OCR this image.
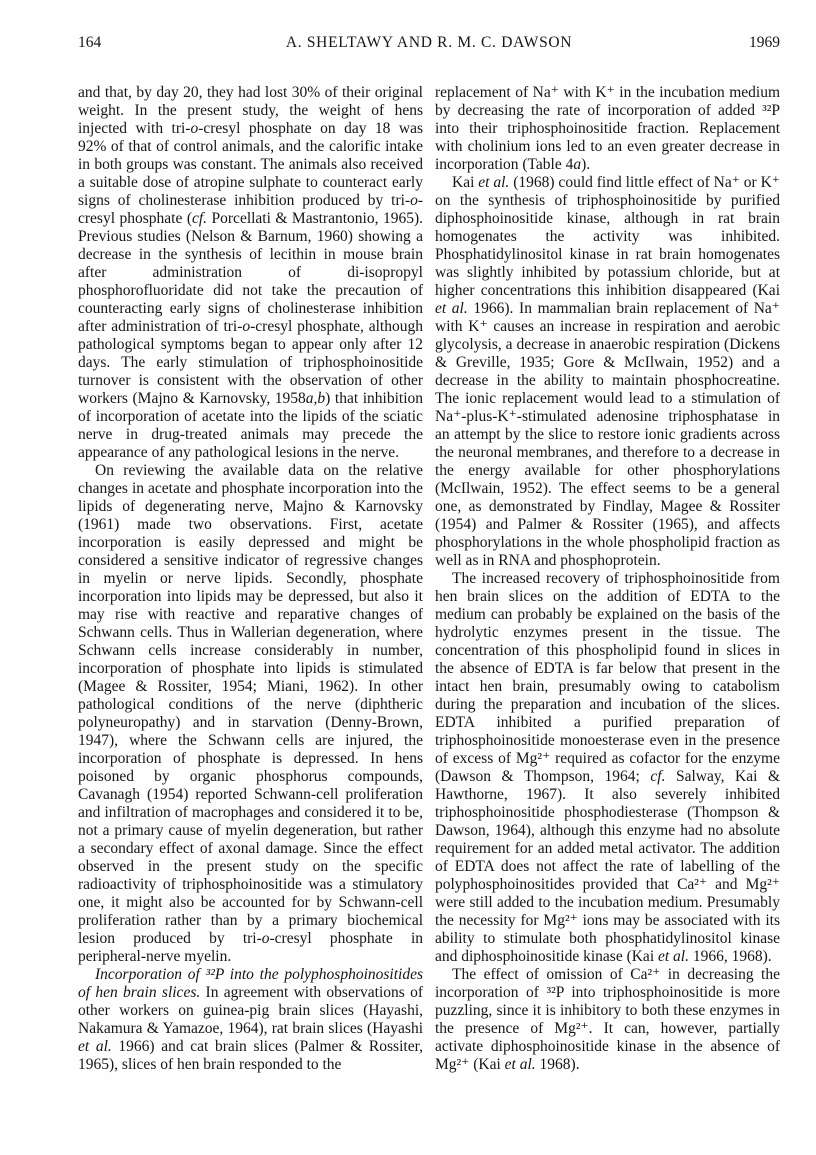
164	A. SHELTAWY AND R. M. C. DAWSON	1969

and that, by day 20, they had lost 30% of their original weight. In the present study, the weight of hens injected with tri-o-cresyl phosphate on day 18 was 92% of that of control animals, and the calorific intake in both groups was constant. The animals also received a suitable dose of atropine sulphate to counteract early signs of cholinesterase inhibition produced by tri-o-cresyl phosphate (cf. Porcellati & Mastrantonio, 1965). Previous studies (Nelson & Barnum, 1960) showing a decrease in the synthesis of lecithin in mouse brain after administration of di-isopropyl phosphorofluoridate did not take the precaution of counteracting early signs of cholinesterase inhibition after administration of tri-o-cresyl phosphate, although pathological symptoms began to appear only after 12 days. The early stimulation of triphosphoinositide turnover is consistent with the observation of other workers (Majno & Karnovsky, 1958a,b) that inhibition of incorporation of acetate into the lipids of the sciatic nerve in drug-treated animals may precede the appearance of any pathological lesions in the nerve.

On reviewing the available data on the relative changes in acetate and phosphate incorporation into the lipids of degenerating nerve, Majno & Karnovsky (1961) made two observations. First, acetate incorporation is easily depressed and might be considered a sensitive indicator of regressive changes in myelin or nerve lipids. Secondly, phosphate incorporation into lipids may be depressed, but also it may rise with reactive and reparative changes of Schwann cells. Thus in Wallerian degeneration, where Schwann cells increase considerably in number, incorporation of phosphate into lipids is stimulated (Magee & Rossiter, 1954; Miani, 1962). In other pathological conditions of the nerve (diphtheric polyneuropathy) and in starvation (Denny-Brown, 1947), where the Schwann cells are injured, the incorporation of phosphate is depressed. In hens poisoned by organic phosphorus compounds, Cavanagh (1954) reported Schwann-cell proliferation and infiltration of macrophages and considered it to be, not a primary cause of myelin degeneration, but rather a secondary effect of axonal damage. Since the effect observed in the present study on the specific radioactivity of triphosphoinositide was a stimulatory one, it might also be accounted for by Schwann-cell proliferation rather than by a primary biochemical lesion produced by tri-o-cresyl phosphate in peripheral-nerve myelin.

Incorporation of ³²P into the polyphosphoinositides of hen brain slices. In agreement with observations of other workers on guinea-pig brain slices (Hayashi, Nakamura & Yamazoe, 1964), rat brain slices (Hayashi et al. 1966) and cat brain slices (Palmer & Rossiter, 1965), slices of hen brain responded to the

replacement of Na⁺ with K⁺ in the incubation medium by decreasing the rate of incorporation of added ³²P into their triphosphoinositide fraction. Replacement with cholinium ions led to an even greater decrease in incorporation (Table 4a).

Kai et al. (1968) could find little effect of Na⁺ or K⁺ on the synthesis of triphosphoinositide by purified diphosphoinositide kinase, although in rat brain homogenates the activity was inhibited. Phosphatidylinositol kinase in rat brain homogenates was slightly inhibited by potassium chloride, but at higher concentrations this inhibition disappeared (Kai et al. 1966). In mammalian brain replacement of Na⁺ with K⁺ causes an increase in respiration and aerobic glycolysis, a decrease in anaerobic respiration (Dickens & Greville, 1935; Gore & McIlwain, 1952) and a decrease in the ability to maintain phosphocreatine. The ionic replacement would lead to a stimulation of Na⁺-plus-K⁺-stimulated adenosine triphosphatase in an attempt by the slice to restore ionic gradients across the neuronal membranes, and therefore to a decrease in the energy available for other phosphorylations (McIlwain, 1952). The effect seems to be a general one, as demonstrated by Findlay, Magee & Rossiter (1954) and Palmer & Rossiter (1965), and affects phosphorylations in the whole phospholipid fraction as well as in RNA and phosphoprotein.

The increased recovery of triphosphoinositide from hen brain slices on the addition of EDTA to the medium can probably be explained on the basis of the hydrolytic enzymes present in the tissue. The concentration of this phospholipid found in slices in the absence of EDTA is far below that present in the intact hen brain, presumably owing to catabolism during the preparation and incubation of the slices. EDTA inhibited a purified preparation of triphosphoinositide monoesterase even in the presence of excess of Mg²⁺ required as cofactor for the enzyme (Dawson & Thompson, 1964; cf. Salway, Kai & Hawthorne, 1967). It also severely inhibited triphosphoinositide phosphodiesterase (Thompson & Dawson, 1964), although this enzyme had no absolute requirement for an added metal activator. The addition of EDTA does not affect the rate of labelling of the polyphosphoinositides provided that Ca²⁺ and Mg²⁺ were still added to the incubation medium. Presumably the necessity for Mg²⁺ ions may be associated with its ability to stimulate both phosphatidylinositol kinase and diphosphoinositide kinase (Kai et al. 1966, 1968).

The effect of omission of Ca²⁺ in decreasing the incorporation of ³²P into triphosphoinositide is more puzzling, since it is inhibitory to both these enzymes in the presence of Mg²⁺. It can, however, partially activate diphosphoinositide kinase in the absence of Mg²⁺ (Kai et al. 1968).
